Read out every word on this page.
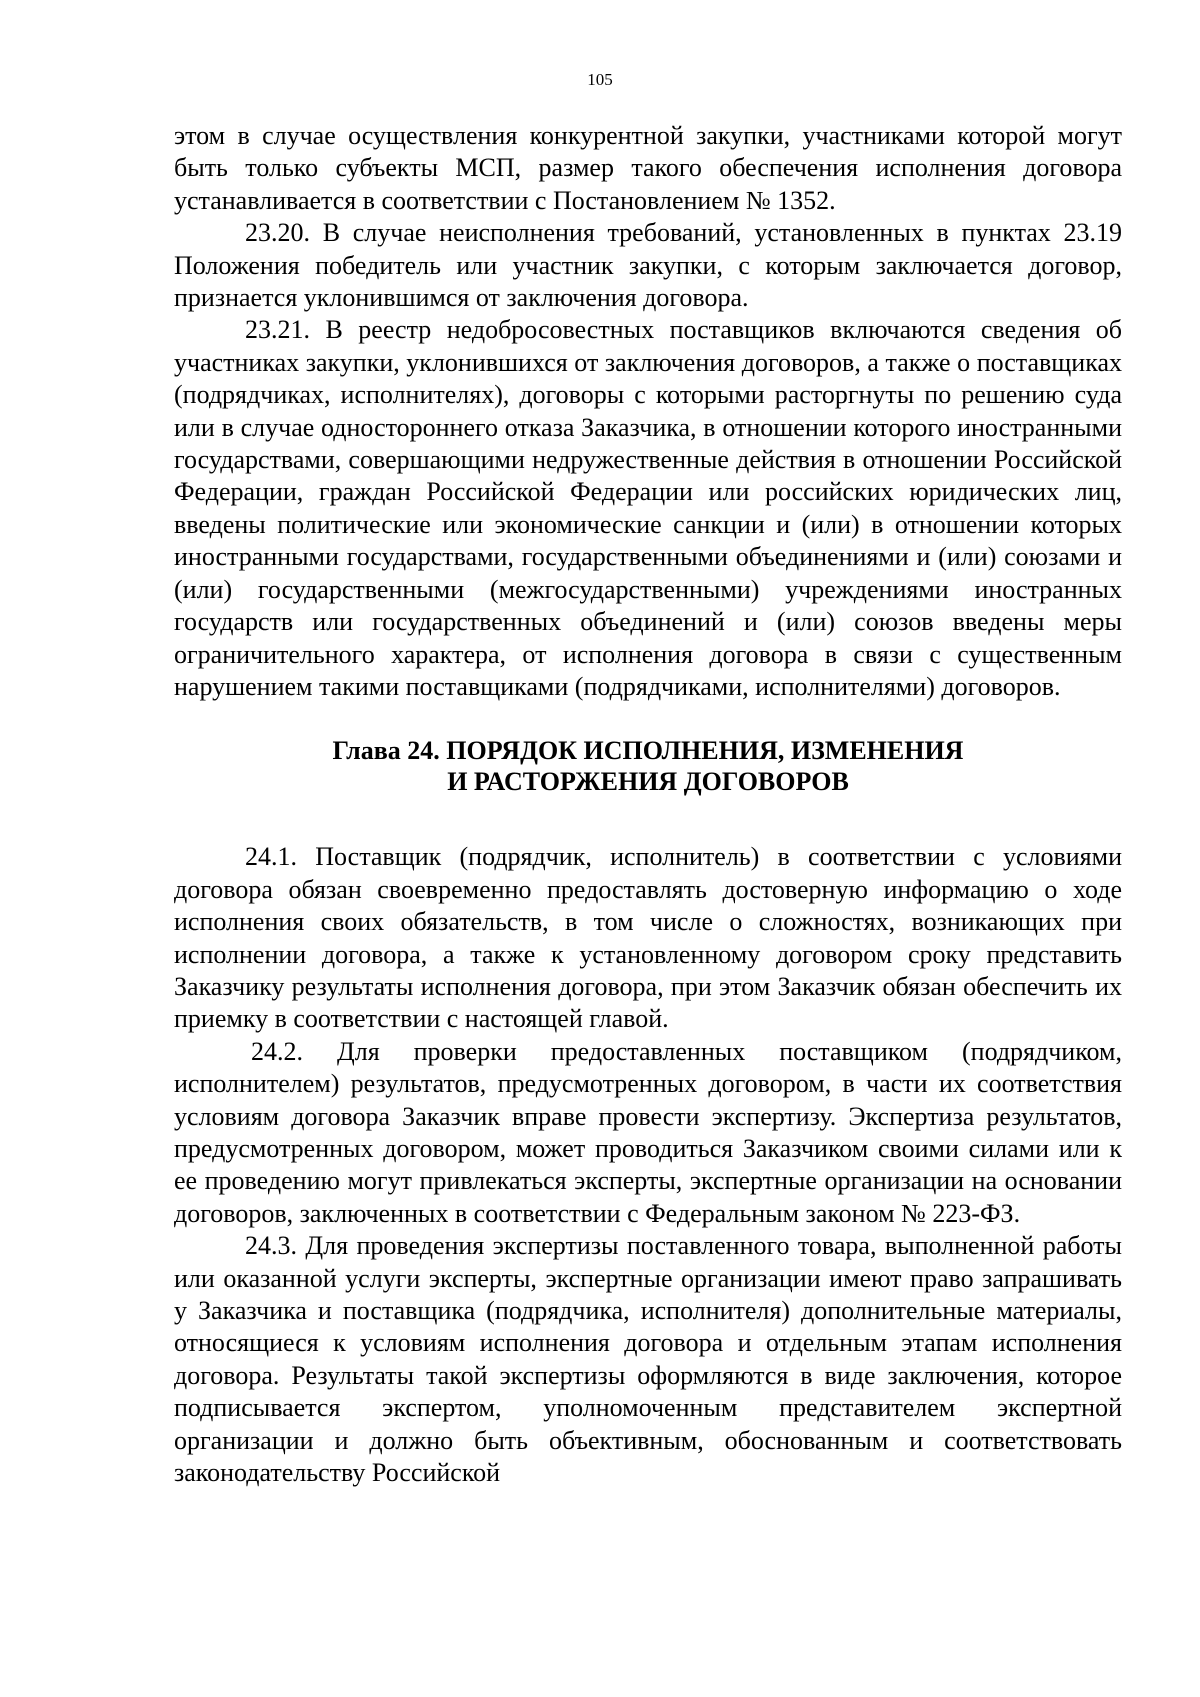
105

этом в случае осуществления конкурентной закупки, участниками которой могут быть только субъекты МСП, размер такого обеспечения исполнения договора устанавливается в соответствии с Постановлением № 1352.

23.20. В случае неисполнения требований, установленных в пунктах 23.19 Положения победитель или участник закупки, с которым заключается договор, признается уклонившимся от заключения договора.

23.21. В реестр недобросовестных поставщиков включаются сведения об участниках закупки, уклонившихся от заключения договоров, а также о поставщиках (подрядчиках, исполнителях), договоры с которыми расторгнуты по решению суда или в случае одностороннего отказа Заказчика, в отношении которого иностранными государствами, совершающими недружественные действия в отношении Российской Федерации, граждан Российской Федерации или российских юридических лиц, введены политические или экономические санкции и (или) в отношении которых иностранными государствами, государственными объединениями и (или) союзами и (или) государственными (межгосударственными) учреждениями иностранных государств или государственных объединений и (или) союзов введены меры ограничительного характера, от исполнения договора в связи с существенным нарушением такими поставщиками (подрядчиками, исполнителями) договоров.

Глава 24. ПОРЯДОК ИСПОЛНЕНИЯ, ИЗМЕНЕНИЯ
И РАСТОРЖЕНИЯ ДОГОВОРОВ

24.1. Поставщик (подрядчик, исполнитель) в соответствии с условиями договора обязан своевременно предоставлять достоверную информацию о ходе исполнения своих обязательств, в том числе о сложностях, возникающих при исполнении договора, а также к установленному договором сроку представить Заказчику результаты исполнения договора, при этом Заказчик обязан обеспечить их приемку в соответствии с настоящей главой.

24.2. Для проверки предоставленных поставщиком (подрядчиком, исполнителем) результатов, предусмотренных договором, в части их соответствия условиям договора Заказчик вправе провести экспертизу. Экспертиза результатов, предусмотренных договором, может проводиться Заказчиком своими силами или к ее проведению могут привлекаться эксперты, экспертные организации на основании договоров, заключенных в соответствии с Федеральным законом № 223-ФЗ.

24.3. Для проведения экспертизы поставленного товара, выполненной работы или оказанной услуги эксперты, экспертные организации имеют право запрашивать у Заказчика и поставщика (подрядчика, исполнителя) дополнительные материалы, относящиеся к условиям исполнения договора и отдельным этапам исполнения договора. Результаты такой экспертизы оформляются в виде заключения, которое подписывается экспертом, уполномоченным представителем экспертной организации и должно быть объективным, обоснованным и соответствовать законодательству Российской
